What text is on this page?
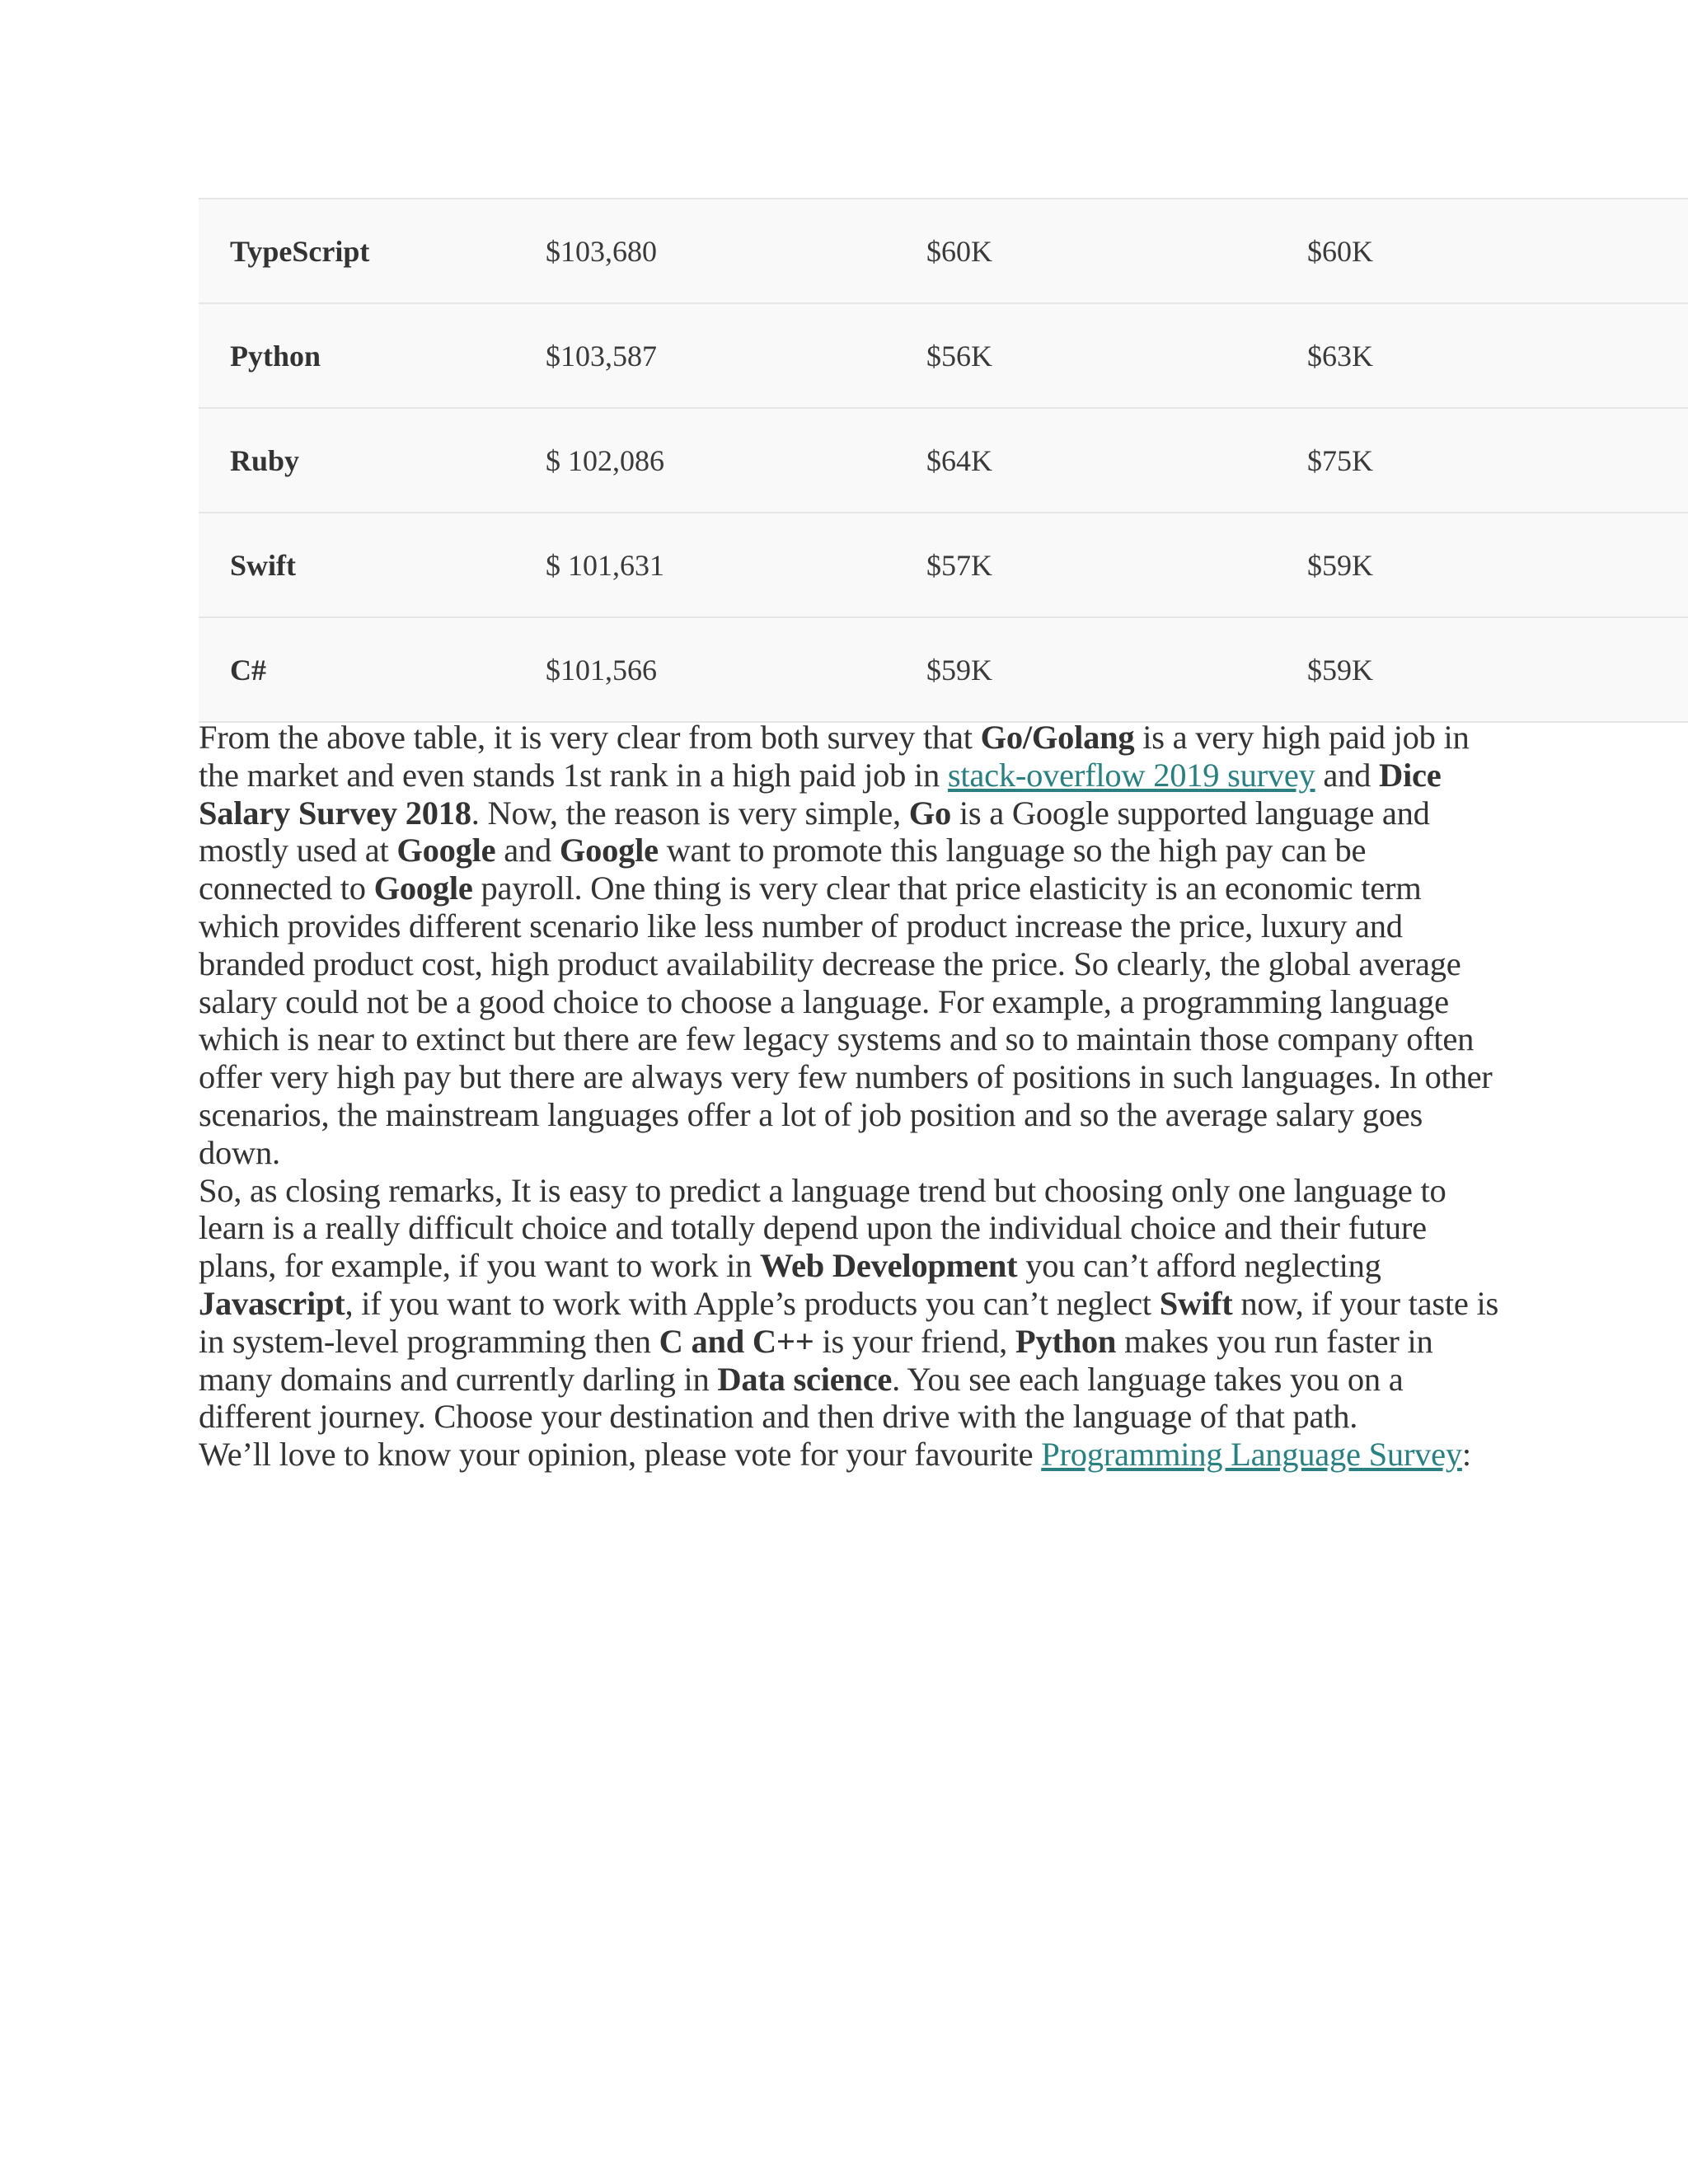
TypeScript	$103,680	$60K	$60K
Python	$103,587	$56K	$63K
Ruby	$ 102,086	$64K	$75K
Swift	$ 101,631	$57K	$59K
C#	$101,566	$59K	$59K

From the above table, it is very clear from both survey that Go/Golang is a very high paid job in the market and even stands 1st rank in a high paid job in stack-overflow 2019 survey and Dice Salary Survey 2018. Now, the reason is very simple, Go is a Google supported language and mostly used at Google and Google want to promote this language so the high pay can be connected to Google payroll. One thing is very clear that price elasticity is an economic term which provides different scenario like less number of product increase the price, luxury and branded product cost, high product availability decrease the price. So clearly, the global average salary could not be a good choice to choose a language. For example, a programming language which is near to extinct but there are few legacy systems and so to maintain those company often offer very high pay but there are always very few numbers of positions in such languages. In other scenarios, the mainstream languages offer a lot of job position and so the average salary goes down.

So, as closing remarks, It is easy to predict a language trend but choosing only one language to learn is a really difficult choice and totally depend upon the individual choice and their future plans, for example, if you want to work in Web Development you can’t afford neglecting Javascript, if you want to work with Apple’s products you can’t neglect Swift now, if your taste is in system-level programming then C and C++ is your friend, Python makes you run faster in many domains and currently darling in Data science. You see each language takes you on a different journey. Choose your destination and then drive with the language of that path.

We’ll love to know your opinion, please vote for your favourite Programming Language Survey:
